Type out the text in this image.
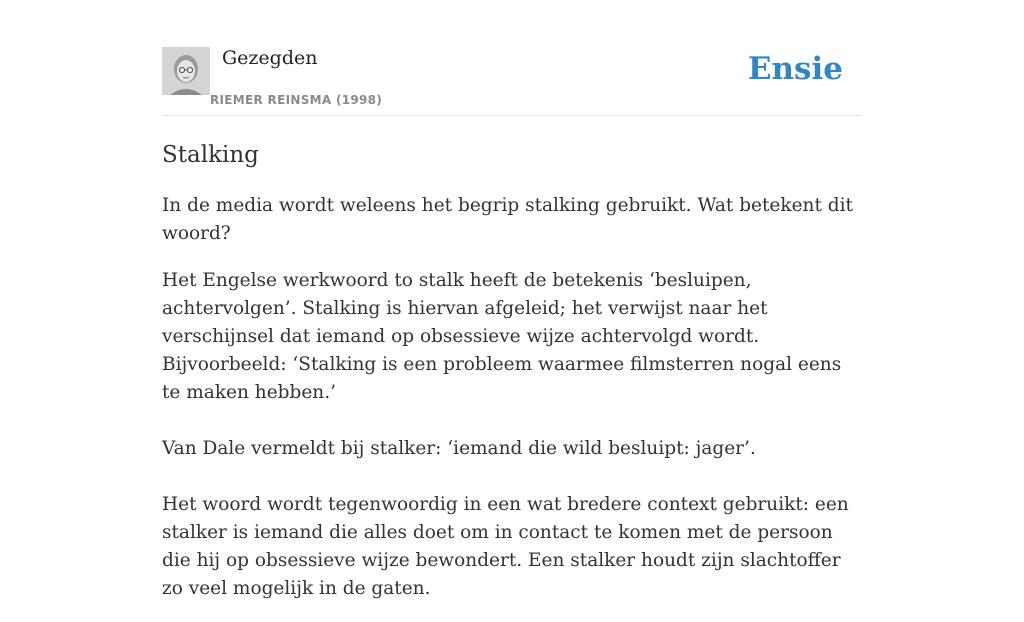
Gezegden
RIEMER REINSMA (1998)
Ensie
Stalking

In de media wordt weleens het begrip stalking gebruikt. Wat betekent dit woord?

Het Engelse werkwoord to stalk heeft de betekenis ‘besluipen, achtervolgen’. Stalking is hiervan afgeleid; het verwijst naar het verschijnsel dat iemand op obsessieve wijze achtervolgd wordt. Bijvoorbeeld: ‘Stalking is een probleem waarmee filmsterren nogal eens te maken hebben.’

Van Dale vermeldt bij stalker: ‘iemand die wild besluipt: jager’.

Het woord wordt tegenwoordig in een wat bredere context gebruikt: een stalker is iemand die alles doet om in contact te komen met de persoon die hij op obsessieve wijze bewondert. Een stalker houdt zijn slachtoffer zo veel mogelijk in de gaten.
